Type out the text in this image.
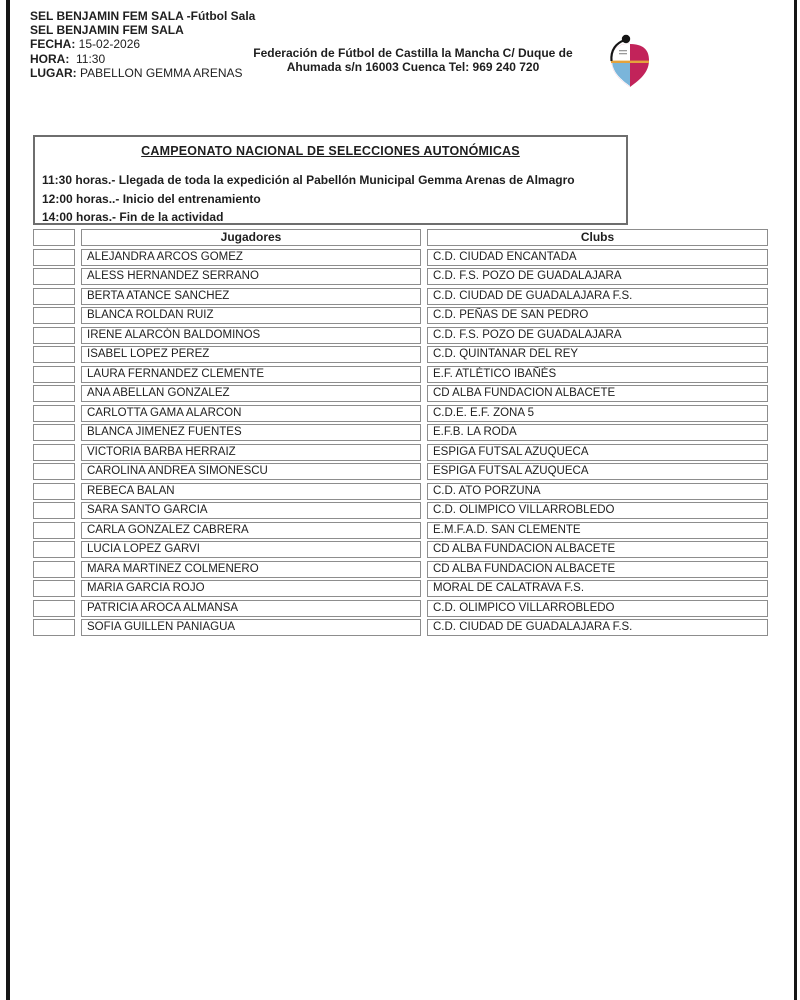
SEL BENJAMIN FEM SALA -Fútbol Sala
SEL BENJAMIN FEM SALA
FECHA: 15-02-2026
HORA: 11:30
LUGAR: PABELLON GEMMA ARENAS
Federación de Fútbol de Castilla la Mancha C/ Duque de
Ahumada s/n 16003 Cuenca Tel: 969 240 720
CAMPEONATO NACIONAL DE SELECCIONES AUTONÓMICAS
11:30 horas.- Llegada de toda la expedición al Pabellón Municipal Gemma Arenas de Almagro
12:00 horas..- Inicio del entrenamiento
14:00 horas.- Fin de la actividad
Jugadores	Clubs
ALEJANDRA ARCOS GOMEZ	C.D. CIUDAD ENCANTADA
ALESS HERNANDEZ SERRANO	C.D. F.S. POZO DE GUADALAJARA
BERTA ATANCE SANCHEZ	C.D. CIUDAD DE GUADALAJARA F.S.
BLANCA ROLDAN RUIZ	C.D. PEÑAS DE SAN PEDRO
IRENE ALARCÓN BALDOMINOS	C.D. F.S. POZO DE GUADALAJARA
ISABEL LOPEZ PEREZ	C.D. QUINTANAR DEL REY
LAURA FERNANDEZ CLEMENTE	E.F. ATLÉTICO IBAÑÉS
ANA ABELLAN GONZALEZ	CD ALBA FUNDACION ALBACETE
CARLOTTA GAMA ALARCON	C.D.E. E.F. ZONA 5
BLANCA JIMENEZ FUENTES	E.F.B. LA RODA
VICTORIA BARBA HERRAIZ	ESPIGA FUTSAL AZUQUECA
CAROLINA ANDREA SIMONESCU	ESPIGA FUTSAL AZUQUECA
REBECA BALAN	C.D. ATO PORZUNA
SARA SANTO GARCIA	C.D. OLIMPICO VILLARROBLEDO
CARLA GONZALEZ CABRERA	E.M.F.A.D. SAN CLEMENTE
LUCIA LOPEZ GARVI	CD ALBA FUNDACION ALBACETE
MARA MARTINEZ COLMENERO	CD ALBA FUNDACION ALBACETE
MARIA GARCIA ROJO	MORAL DE CALATRAVA F.S.
PATRICIA AROCA ALMANSA	C.D. OLIMPICO VILLARROBLEDO
SOFIA GUILLEN PANIAGUA	C.D. CIUDAD DE GUADALAJARA F.S.
